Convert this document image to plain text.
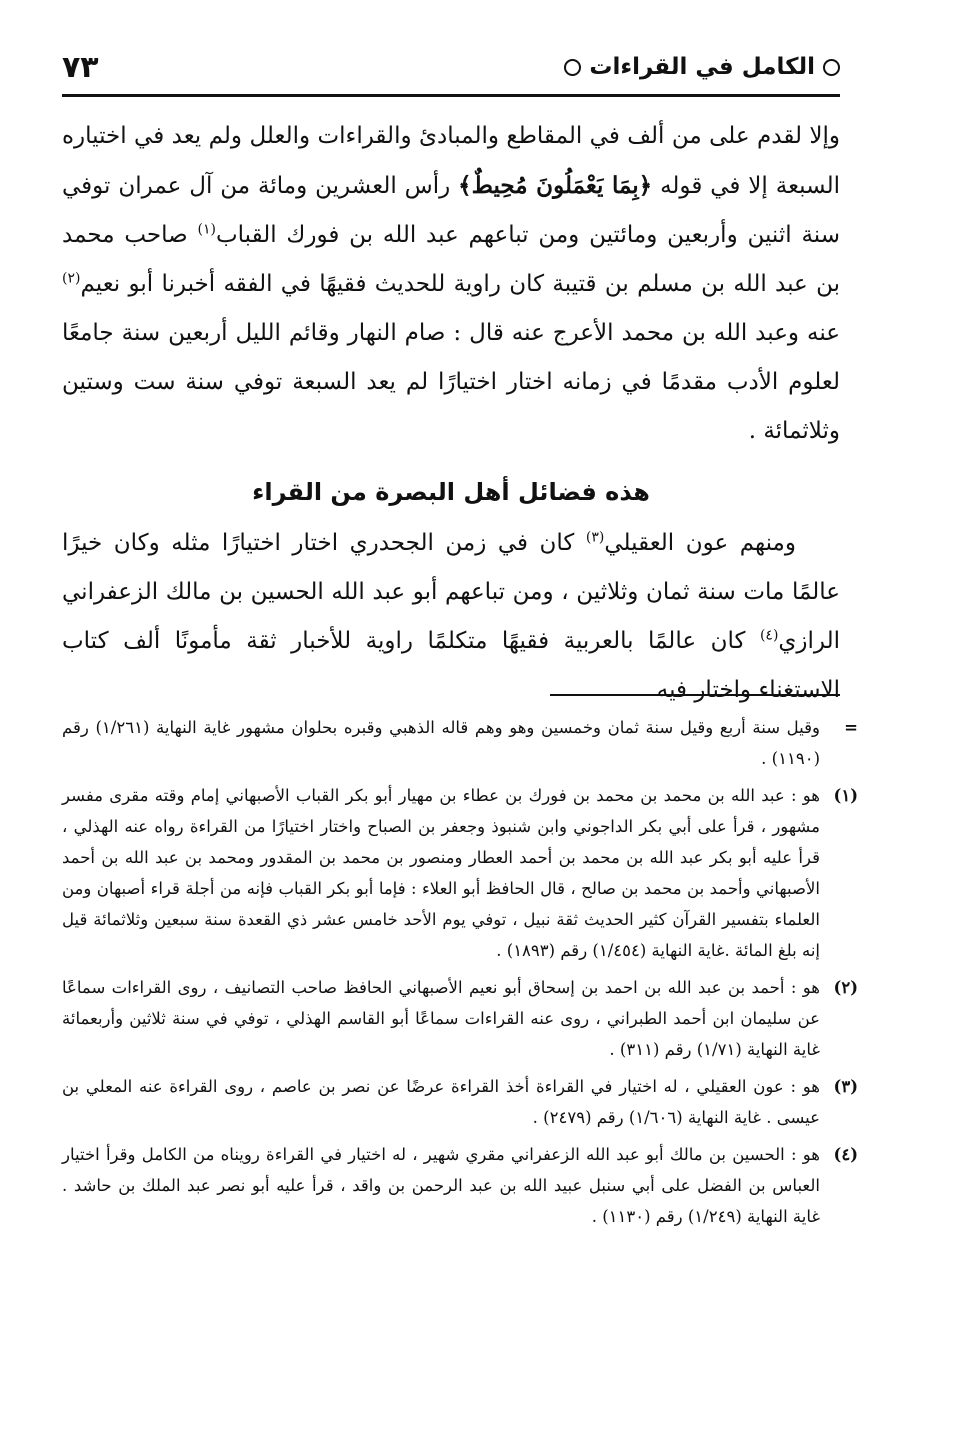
الكامل في القراءات
٧٣

وإلا لقدم على من ألف في المقاطع والمبادئ والقراءات والعلل ولم يعد في اختياره السبعة إلا في قوله ﴿بِمَا يَعْمَلُونَ مُحِيطٌ﴾ رأس العشرين ومائة من آل عمران توفي سنة اثنين وأربعين ومائتين ومن تباعهم عبد الله بن فورك القباب$^{(١)}$ صاحب محمد بن عبد الله بن مسلم بن قتيبة كان راوية للحديث فقيهًا في الفقه أخبرنا أبو نعيم$^{(٢)}$ عنه وعبد الله بن محمد الأعرج عنه قال : صام النهار وقائم الليل أربعين سنة جامعًا لعلوم الأدب مقدمًا في زمانه اختار اختيارًا لم يعد السبعة توفي سنة ست وستين وثلاثمائة .

هذه فضائل أهل البصرة من القراء

ومنهم عون العقيلي$^{(٣)}$ كان في زمن الجحدري اختار اختيارًا مثله وكان خيرًا عالمًا مات سنة ثمان وثلاثين ، ومن تباعهم أبو عبد الله الحسين بن مالك الزعفراني الرازي$^{(٤)}$ كان عالمًا بالعربية فقيهًا متكلمًا راوية للأخبار ثقة مأمونًا ألف كتاب الاستغناء واختار فيه

=
وقيل سنة أربع وقيل سنة ثمان وخمسين وهو وهم قاله الذهبي وقبره بحلوان مشهور غاية النهاية (١/٢٦١) رقم (١١٩٠) .
(١)
هو : عبد الله بن محمد بن محمد بن فورك بن عطاء بن مهيار أبو بكر القباب الأصبهاني إمام وقته مقرى مفسر مشهور ، قرأ على أبي بكر الداجوني وابن شنبوذ وجعفر بن الصباح واختار اختيارًا من القراءة رواه عنه الهذلي ، قرأ عليه أبو بكر عبد الله بن محمد بن أحمد العطار ومنصور بن محمد بن المقدور ومحمد بن عبد الله بن أحمد الأصبهاني وأحمد بن محمد بن صالح ، قال الحافظ أبو العلاء : فإما أبو بكر القباب فإنه من أجلة قراء أصبهان ومن العلماء بتفسير القرآن كثير الحديث ثقة نبيل ، توفي يوم الأحد خامس عشر ذي القعدة سنة سبعين وثلاثمائة قيل إنه بلغ المائة .غاية النهاية (١/٤٥٤) رقم (١٨٩٣) .
(٢)
هو : أحمد بن عبد الله بن احمد بن إسحاق أبو نعيم الأصبهاني الحافظ صاحب التصانيف ، روى القراءات سماعًا عن سليمان ابن أحمد الطبراني ، روى عنه القراءات سماعًا أبو القاسم الهذلي ، توفي في سنة ثلاثين وأربعمائة غاية النهاية (١/٧١) رقم (٣١١) .
(٣)
هو : عون العقيلي ، له اختيار في القراءة أخذ القراءة عرضًا عن نصر بن عاصم ، روى القراءة عنه المعلي بن عيسى . غاية النهاية (١/٦٠٦) رقم (٢٤٧٩) .
(٤)
هو : الحسين بن مالك أبو عبد الله الزعفراني مقري شهير ، له اختيار في القراءة رويناه من الكامل وقرأ اختيار العباس بن الفضل على أبي سنبل عبيد الله بن عبد الرحمن بن واقد ، قرأ عليه أبو نصر عبد الملك بن حاشد . غاية النهاية (١/٢٤٩) رقم (١١٣٠) .
